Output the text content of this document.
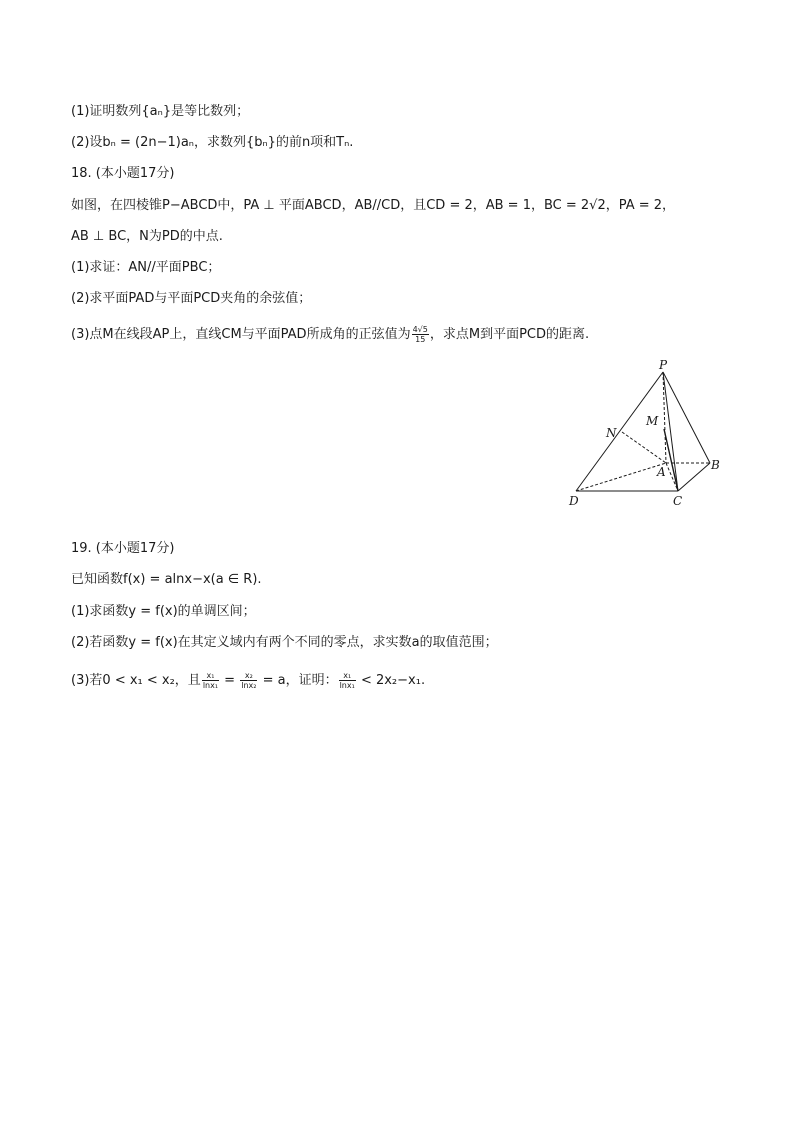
(1)证明数列{aₙ}是等比数列；
(2)设bₙ = (2n−1)aₙ，求数列{bₙ}的前n项和Tₙ.
18. (本小题17分)
如图，在四棱锥P−ABCD中，PA ⊥ 平面ABCD，AB//CD，且CD = 2，AB = 1，BC = 2√2，PA = 2，
AB ⊥ BC，N为PD的中点.
(1)求证：AN//平面PBC；
(2)求平面PAD与平面PCD夹角的余弦值；
(3)点M在线段AP上，直线CM与平面PAD所成角的正弦值为 $\frac{4√5}{15}$ ，求点M到平面PCD的距离.
P
M
N
A	B
C
D
19. (本小题17分)
已知函数f(x) = alnx−x(a ∈ R).
(1)求函数y = f(x)的单调区间；
(2)若函数y = f(x)在其定义域内有两个不同的零点，求实数a的取值范围；
(3)若0 < x₁ < x₂，且 $\frac{\text{x₁}}{\text{lnx₁}} = \frac{\text{x₂}}{\text{lnx₂}} = a$，证明： $\frac{\text{x₁}}{\text{lnx₁}} < 2x_2-x_1$.
